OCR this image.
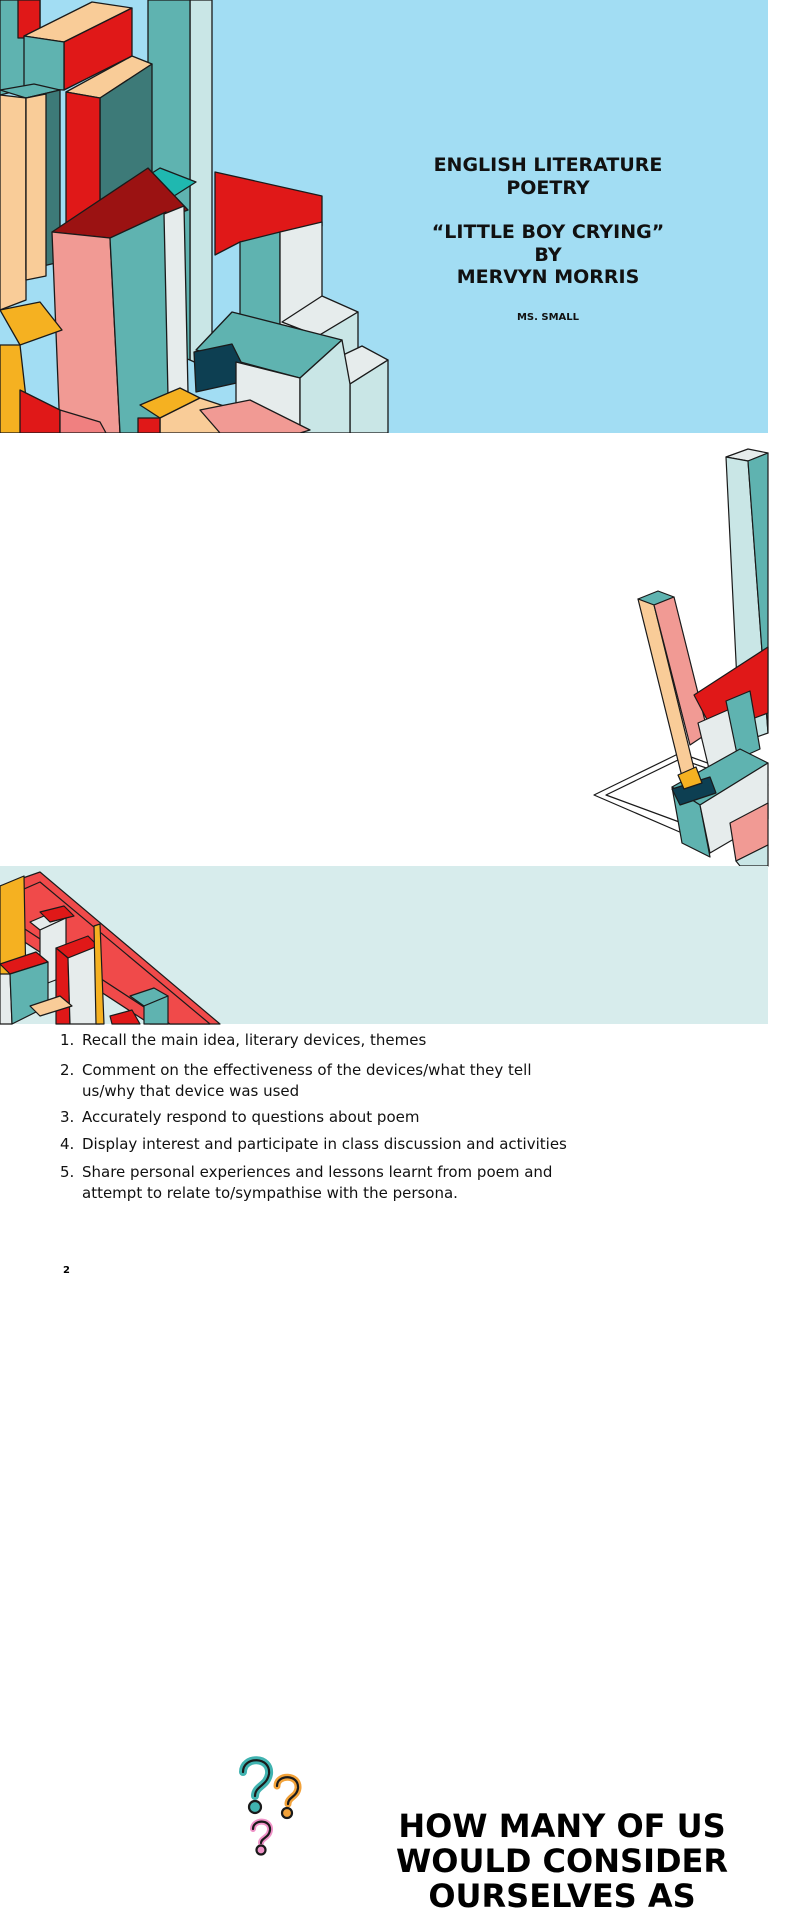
ENGLISH LITERATURE
POETRY
“LITTLE BOY CRYING”
BY
MERVYN MORRIS
MS. SMALL
1. Recall the main idea, literary devices, themes
2. Comment on the effectiveness of the devices/what they tell us/why that device was used
3. Accurately respond to questions about poem
4. Display interest and participate in class discussion and activities
5. Share personal experiences and lessons learnt from poem and attempt to relate to/sympathise with the persona.
2
HOW MANY OF US
WOULD CONSIDER
OURSELVES AS
